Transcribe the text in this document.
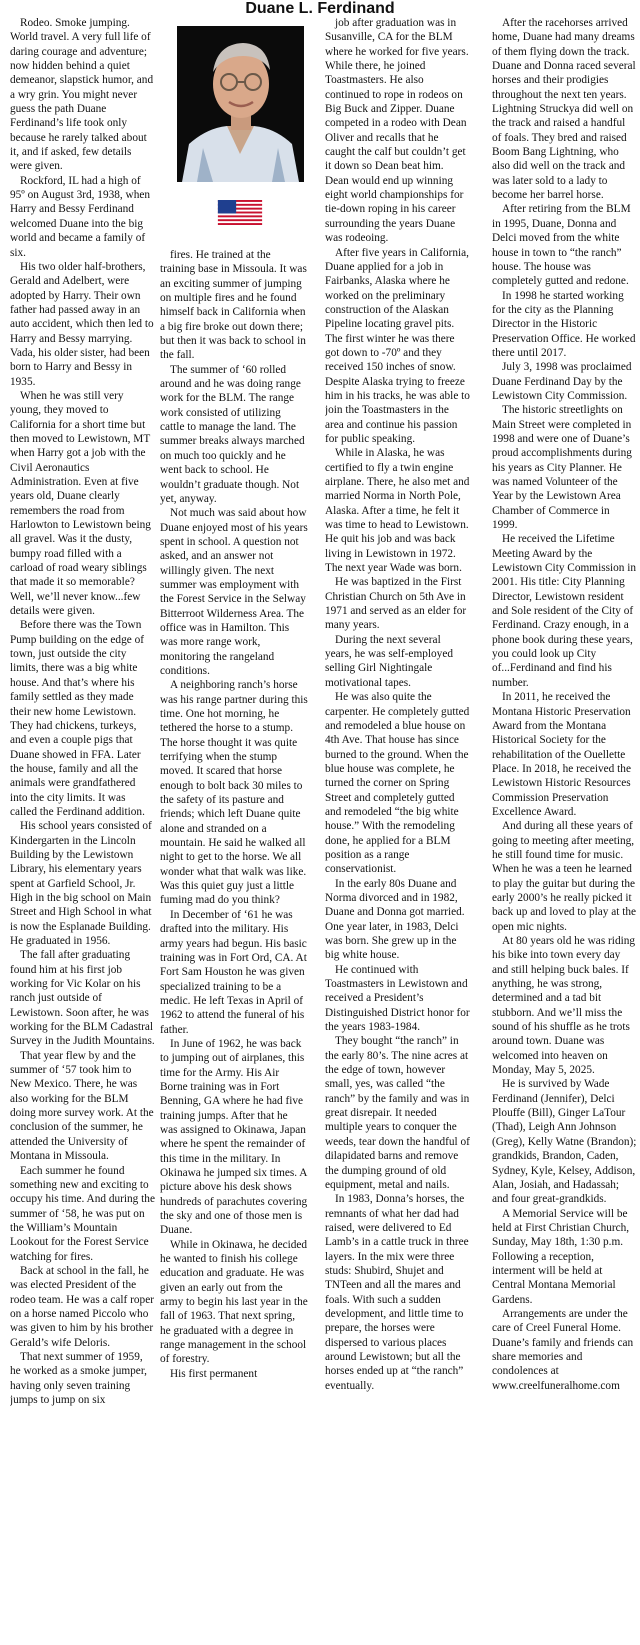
Duane L. Ferdinand

Rodeo. Smoke jumping. World travel. A very full life of daring courage and adventure; now hidden behind a quiet demeanor, slapstick humor, and a wry grin. You might never guess the path Duane Ferdinand’s life took only because he rarely talked about it, and if asked, few details were given.

Rockford, IL had a high of 95º on August 3rd, 1938, when Harry and Bessy Ferdinand welcomed Duane into the big world and became a family of six.

His two older half-brothers, Gerald and Adelbert, were adopted by Harry. Their own father had passed away in an auto accident, which then led to Harry and Bessy marrying. Vada, his older sister, had been born to Harry and Bessy in 1935.

When he was still very young, they moved to California for a short time but then moved to Lewistown, MT when Harry got a job with the Civil Aeronautics Administration. Even at five years old, Duane clearly remembers the road from Harlowton to Lewistown being all gravel. Was it the dusty, bumpy road filled with a carload of road weary siblings that made it so memorable? Well, we’ll never know...few details were given.

Before there was the Town Pump building on the edge of town, just outside the city limits, there was a big white house. And that’s where his family settled as they made their new home Lewistown. They had chickens, turkeys, and even a couple pigs that Duane showed in FFA. Later the house, family and all the animals were grandfathered into the city limits. It was called the Ferdinand addition.

His school years consisted of Kindergarten in the Lincoln Building by the Lewistown Library, his elementary years spent at Garfield School, Jr. High in the big school on Main Street and High School in what is now the Esplanade Building. He graduated in 1956.

The fall after graduating found him at his first job working for Vic Kolar on his ranch just outside of Lewistown. Soon after, he was working for the BLM Cadastral Survey in the Judith Mountains.

That year flew by and the summer of ‘57 took him to New Mexico. There, he was also working for the BLM doing more survey work. At the conclusion of the summer, he attended the University of Montana in Missoula.

Each summer he found something new and exciting to occupy his time. And during the summer of ‘58, he was put on the William’s Mountain Lookout for the Forest Service watching for fires.

Back at school in the fall, he was elected President of the rodeo team. He was a calf roper on a horse named Piccolo who was given to him by his brother Gerald’s wife Deloris.

That next summer of 1959, he worked as a smoke jumper, having only seven training jumps to jump on six

fires. He trained at the training base in Missoula. It was an exciting summer of jumping on multiple fires and he found himself back in California when a big fire broke out down there; but then it was back to school in the fall.

The summer of ‘60 rolled around and he was doing range work for the BLM. The range work consisted of utilizing cattle to manage the land. The summer breaks always marched on much too quickly and he went back to school. He wouldn’t graduate though. Not yet, anyway.

Not much was said about how Duane enjoyed most of his years spent in school. A question not asked, and an answer not willingly given. The next summer was employment with the Forest Service in the Selway Bitterroot Wilderness Area. The office was in Hamilton. This was more range work, monitoring the rangeland conditions.

A neighboring ranch’s horse was his range partner during this time. One hot morning, he tethered the horse to a stump. The horse thought it was quite terrifying when the stump moved. It scared that horse enough to bolt back 30 miles to the safety of its pasture and friends; which left Duane quite alone and stranded on a mountain. He said he walked all night to get to the horse. We all wonder what that walk was like. Was this quiet guy just a little fuming mad do you think?

In December of ‘61 he was drafted into the military. His army years had begun. His basic training was in Fort Ord, CA. At Fort Sam Houston he was given specialized training to be a medic. He left Texas in April of 1962 to attend the funeral of his father.

In June of 1962, he was back to jumping out of airplanes, this time for the Army. His Air Borne training was in Fort Benning, GA where he had five training jumps. After that he was assigned to Okinawa, Japan where he spent the remainder of this time in the military. In Okinawa he jumped six times. A picture above his desk shows hundreds of parachutes covering the sky and one of those men is Duane.

While in Okinawa, he decided he wanted to finish his college education and graduate. He was given an early out from the army to begin his last year in the fall of 1963. That next spring, he graduated with a degree in range management in the school of forestry.

His first permanent

job after graduation was in Susanville, CA for the BLM where he worked for five years. While there, he joined Toastmasters. He also continued to rope in rodeos on Big Buck and Zipper. Duane competed in a rodeo with Dean Oliver and recalls that he caught the calf but couldn’t get it down so Dean beat him. Dean would end up winning eight world championships for tie-down roping in his career surrounding the years Duane was rodeoing.

After five years in California, Duane applied for a job in Fairbanks, Alaska where he worked on the preliminary construction of the Alaskan Pipeline locating gravel pits. The first winter he was there got down to -70º and they received 150 inches of snow. Despite Alaska trying to freeze him in his tracks, he was able to join the Toastmasters in the area and continue his passion for public speaking.

While in Alaska, he was certified to fly a twin engine airplane. There, he also met and married Norma in North Pole, Alaska. After a time, he felt it was time to head to Lewistown. He quit his job and was back living in Lewistown in 1972. The next year Wade was born.

He was baptized in the First Christian Church on 5th Ave in 1971 and served as an elder for many years.

During the next several years, he was self-employed selling Girl Nightingale motivational tapes.

He was also quite the carpenter. He completely gutted and remodeled a blue house on 4th Ave. That house has since burned to the ground. When the blue house was complete, he turned the corner on Spring Street and completely gutted and remodeled “the big white house.” With the remodeling done, he applied for a BLM position as a range conservationist.

In the early 80s Duane and Norma divorced and in 1982, Duane and Donna got married. One year later, in 1983, Delci was born. She grew up in the big white house.

He continued with Toastmasters in Lewistown and received a President’s Distinguished District honor for the years 1983-1984.

They bought “the ranch” in the early 80’s. The nine acres at the edge of town, however small, yes, was called “the ranch” by the family and was in great disrepair. It needed multiple years to conquer the weeds, tear down the handful of dilapidated barns and remove the dumping ground of old equipment, metal and nails.

In 1983, Donna’s horses, the remnants of what her dad had raised, were delivered to Ed Lamb’s in a cattle truck in three layers. In the mix were three studs: Shubird, Shujet and TNTeen and all the mares and foals. With such a sudden development, and little time to prepare, the horses were dispersed to various places around Lewistown; but all the horses ended up at “the ranch” eventually.

After the racehorses arrived home, Duane had many dreams of them flying down the track. Duane and Donna raced several horses and their prodigies throughout the next ten years. Lightning Struckya did well on the track and raised a handful of foals. They bred and raised Boom Bang Lightning, who also did well on the track and was later sold to a lady to become her barrel horse.

After retiring from the BLM in 1995, Duane, Donna and Delci moved from the white house in town to “the ranch” house. The house was completely gutted and redone.

In 1998 he started working for the city as the Planning Director in the Historic Preservation Office. He worked there until 2017.

July 3, 1998 was proclaimed Duane Ferdinand Day by the Lewistown City Commission.

The historic streetlights on Main Street were completed in 1998 and were one of Duane’s proud accomplishments during his years as City Planner. He was named Volunteer of the Year by the Lewistown Area Chamber of Commerce in 1999.

He received the Lifetime Meeting Award by the Lewistown City Commission in 2001. His title: City Planning Director, Lewistown resident and Sole resident of the City of Ferdinand. Crazy enough, in a phone book during these years, you could look up City of...Ferdinand and find his number.

In 2011, he received the Montana Historic Preservation Award from the Montana Historical Society for the rehabilitation of the Ouellette Place. In 2018, he received the Lewistown Historic Resources Commission Preservation Excellence Award.

And during all these years of going to meeting after meeting, he still found time for music. When he was a teen he learned to play the guitar but during the early 2000’s he really picked it back up and loved to play at the open mic nights.

At 80 years old he was riding his bike into town every day and still helping buck bales. If anything, he was strong, determined and a tad bit stubborn. And we’ll miss the sound of his shuffle as he trots around town. Duane was welcomed into heaven on Monday, May 5, 2025.

He is survived by Wade Ferdinand (Jennifer), Delci Plouffe (Bill), Ginger LaTour (Thad), Leigh Ann Johnson (Greg), Kelly Watne (Brandon); grandkids, Brandon, Caden, Sydney, Kyle, Kelsey, Addison, Alan, Josiah, and Hadassah; and four great-grandkids.

A Memorial Service will be held at First Christian Church, Sunday, May 18th, 1:30 p.m. Following a reception, interment will be held at Central Montana Memorial Gardens.

Arrangements are under the care of Creel Funeral Home. Duane’s family and friends can share memories and condolences at www.creelfuneralhome.com
